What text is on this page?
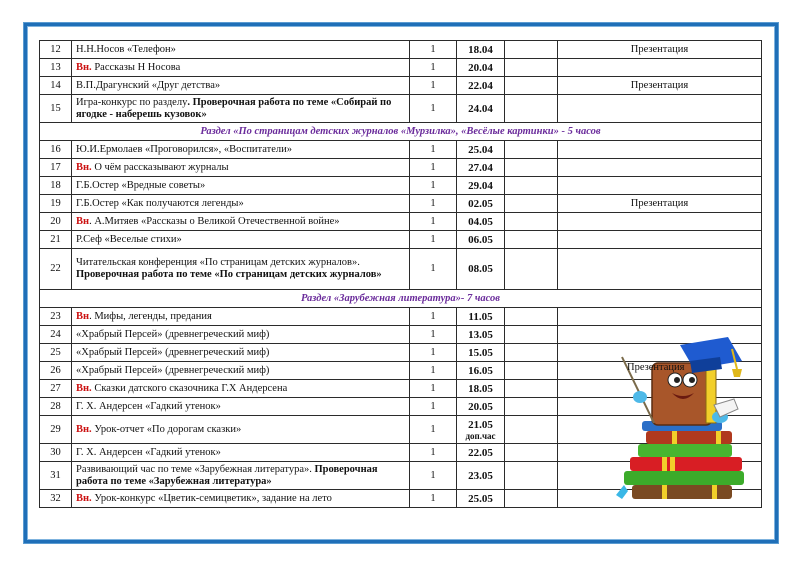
12	Н.Н.Носов «Телефон»	1	18.04		Презентация
13	Вн. Рассказы Н Носова	1	20.04		
14	В.П.Драгунский «Друг детства»	1	22.04		Презентация
15	Игра-конкурс по разделу. Проверочная работа по теме «Собирай по ягодке - наберешь кузовок»	1	24.04		
Раздел «По страницам детских журналов «Мурзилка», «Весёлые картинки» - 5 часов					
16	Ю.И.Ермолаев «Проговорился», «Воспитатели»	1	25.04		
17	Вн. О чём рассказывают журналы	1	27.04		
18	Г.Б.Остер «Вредные советы»	1	29.04		
19	Г.Б.Остер «Как получаются легенды»	1	02.05		Презентация
20	Вн. А.Митяев «Рассказы о Великой Отечественной войне»	1	04.05		
21	Р.Сеф «Веселые стихи»	1	06.05		
22	Читательская конференция «По страницам детских журналов». Проверочная работа по теме «По страницам детских журналов»	1	08.05		
Раздел «Зарубежная литература»- 7 часов					
23	Вн. Мифы, легенды, предания	1	11.05		
24	«Храбрый Персей» (древнегреческий миф)	1	13.05		
25	«Храбрый Персей» (древнегреческий миф)	1	15.05		
26	«Храбрый Персей» (древнегреческий миф)	1	16.05		
27	Вн. Сказки датского сказочника Г.Х Андерсена	1	18.05		
28	Г. Х. Андерсен «Гадкий утенок»	1	20.05		
29	Вн. Урок-отчет «По дорогам сказки»	1	21.05
доп.час		

30	Г. Х. Андерсен «Гадкий утенок»	1	22.05		
31	Развивающий час по теме «Зарубежная литература». Проверочная работа по теме «Зарубежная литература»	1	23.05		
32	Вн. Урок-конкурс «Цветик-семицветик», задание на лето	1	25.05		
Презентация
